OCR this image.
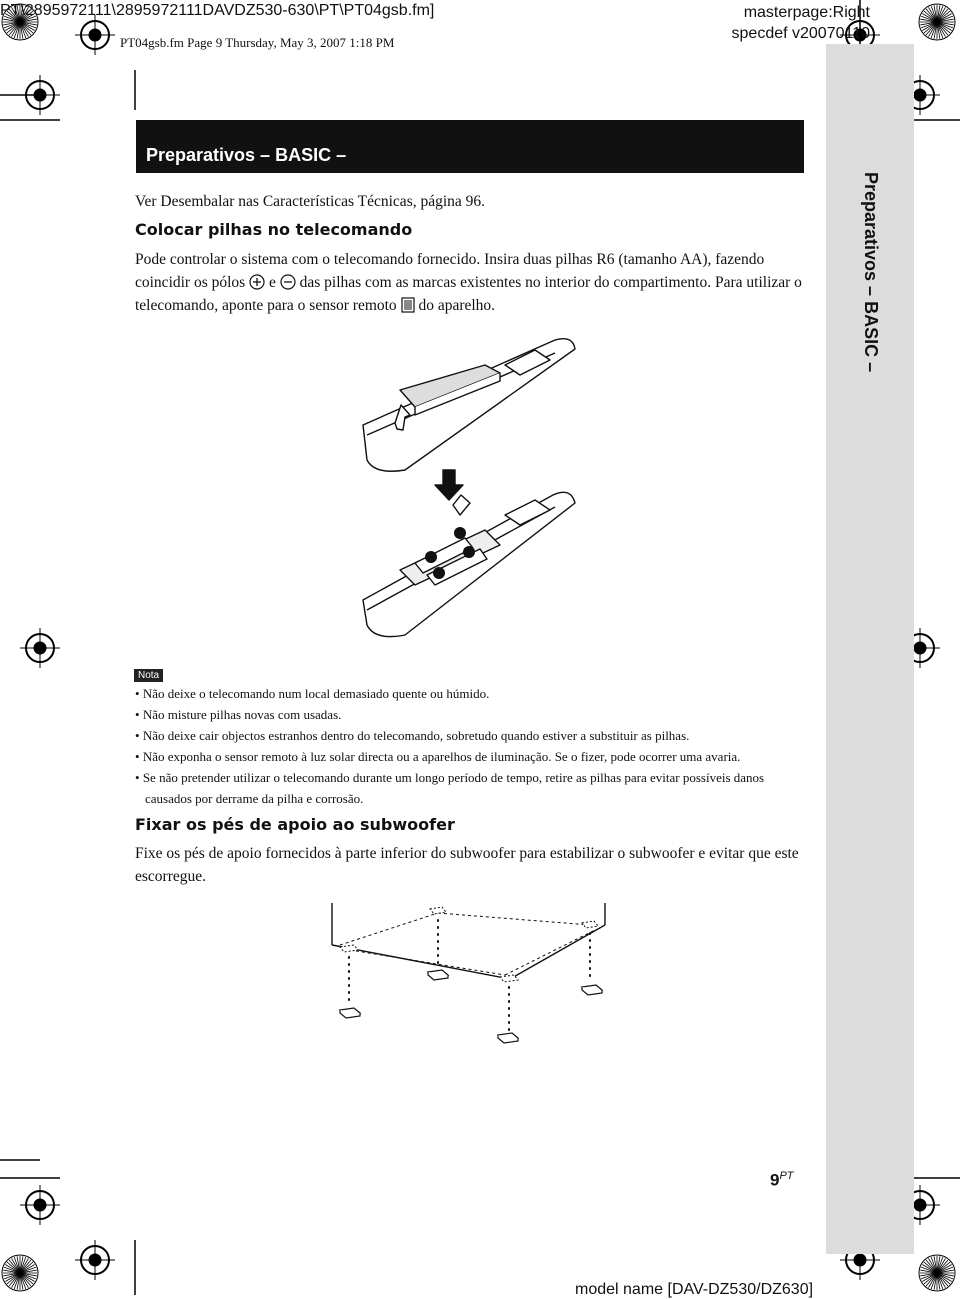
PT\2895972111\2895972111DAVDZ530-630\PT\PT04gsb.fm]
PT04gsb.fm Page 9 Thursday, May 3, 2007 1:18 PM
masterpage:Right
specdef v20070110
Preparativos – BASIC –
Preparativos – BASIC –
Ver Desembalar nas Características Técnicas, página 96.
Colocar pilhas no telecomando
Pode controlar o sistema com o telecomando fornecido. Insira duas pilhas R6 (tamanho AA), fazendo coincidir os pólos e das pilhas com as marcas existentes no interior do compartimento. Para utilizar o telecomando, aponte para o sensor remoto do aparelho.
Nota
• Não deixe o telecomando num local demasiado quente ou húmido.
• Não misture pilhas novas com usadas.
• Não deixe cair objectos estranhos dentro do telecomando, sobretudo quando estiver a substituir as pilhas.
• Não exponha o sensor remoto à luz solar directa ou a aparelhos de iluminação. Se o fizer, pode ocorrer uma avaria.
• Se não pretender utilizar o telecomando durante um longo período de tempo, retire as pilhas para evitar possíveis danos causados por derrame da pilha e corrosão.
Fixar os pés de apoio ao subwoofer
Fixe os pés de apoio fornecidos à parte inferior do subwoofer para estabilizar o subwoofer e evitar que este escorregue.
$9^{PT}$
model name [DAV-DZ530/DZ630]
